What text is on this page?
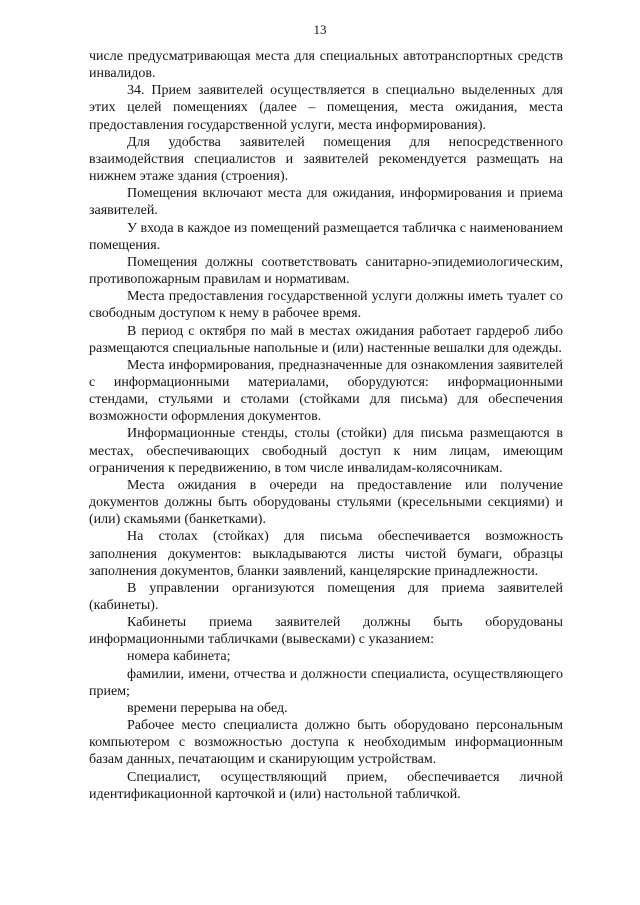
13

числе предусматривающая места для специальных автотранспортных средств инвалидов.

34. Прием заявителей осуществляется в специально выделенных для этих целей помещениях (далее – помещения, места ожидания, места предоставления государственной услуги, места информирования).

Для удобства заявителей помещения для непосредственного взаимодействия специалистов и заявителей рекомендуется размещать на нижнем этаже здания (строения).

Помещения включают места для ожидания, информирования и приема заявителей.

У входа в каждое из помещений размещается табличка с наименованием помещения.

Помещения должны соответствовать санитарно-эпидемиологическим, противопожарным правилам и нормативам.

Места предоставления государственной услуги должны иметь туалет со свободным доступом к нему в рабочее время.

В период с октября по май в местах ожидания работает гардероб либо размещаются специальные напольные и (или) настенные вешалки для одежды.

Места информирования, предназначенные для ознакомления заявителей с информационными материалами, оборудуются: информационными стендами, стульями и столами (стойками для письма) для обеспечения возможности оформления документов.

Информационные стенды, столы (стойки) для письма размещаются в местах, обеспечивающих свободный доступ к ним лицам, имеющим ограничения к передвижению, в том числе инвалидам-колясочникам.

Места ожидания в очереди на предоставление или получение документов должны быть оборудованы стульями (кресельными секциями) и (или) скамьями (банкетками).

На столах (стойках) для письма обеспечивается возможность заполнения документов: выкладываются листы чистой бумаги, образцы заполнения документов, бланки заявлений, канцелярские принадлежности.

В управлении организуются помещения для приема заявителей (кабинеты).

Кабинеты приема заявителей должны быть оборудованы информационными табличками (вывесками) с указанием:

номера кабинета;

фамилии, имени, отчества и должности специалиста, осуществляющего прием;

времени перерыва на обед.

Рабочее место специалиста должно быть оборудовано персональным компьютером с возможностью доступа к необходимым информационным базам данных, печатающим и сканирующим устройствам.

Специалист, осуществляющий прием, обеспечивается личной идентификационной карточкой и (или) настольной табличкой.
